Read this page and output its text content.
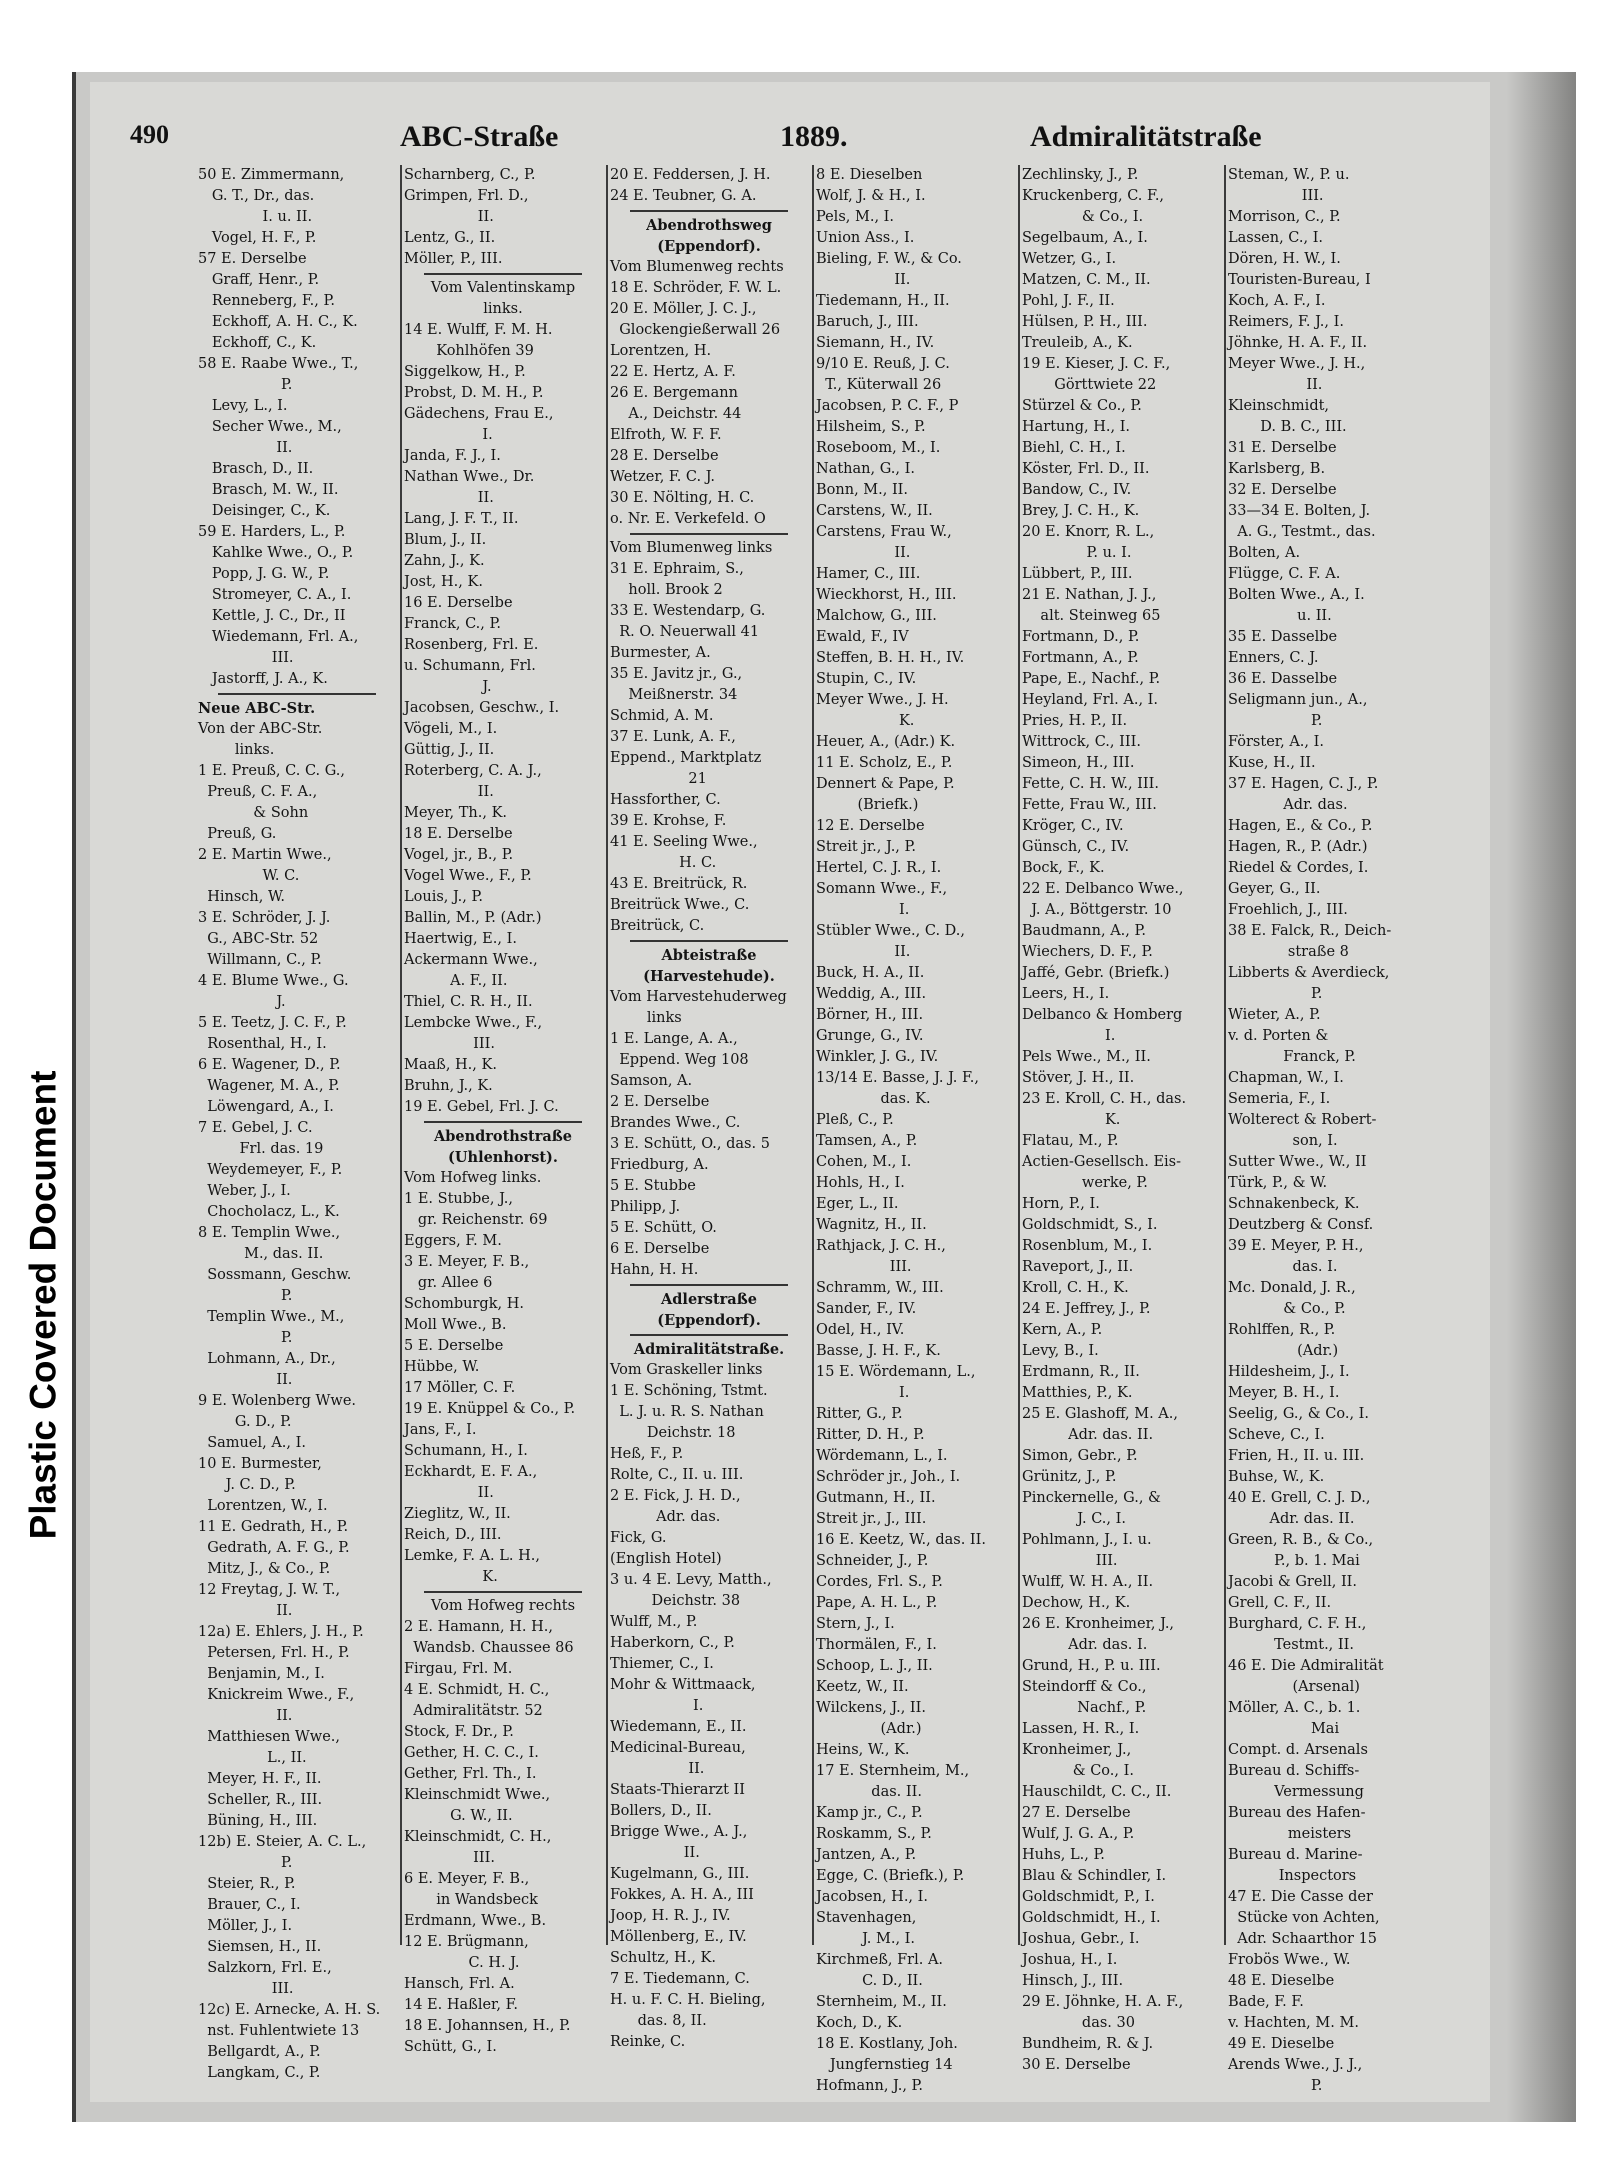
Plastic Covered Document
490	ABC-Straße	1889.	Admiralitätstraße
50 E. Zimmermann,
G. T., Dr., das.
I. u. II.
Vogel, H. F., P.
57 E. Derselbe
Graff, Henr., P.
Renneberg, F., P.
Eckhoff, A. H. C., K.
Eckhoff, C., K.
58 E. Raabe Wwe., T.,
P.
Levy, L., I.
Secher Wwe., M.,
II.
Brasch, D., II.
Brasch, M. W., II.
Deisinger, C., K.
59 E. Harders, L., P.
Kahlke Wwe., O., P.
Popp, J. G. W., P.
Stromeyer, C. A., I.
Kettle, J. C., Dr., II
Wiedemann, Frl. A.,
III.
Jastorff, J. A., K.
Neue ABC-Str.
Von der ABC-Str.
links.
1 E. Preuß, C. C. G.,
Preuß, C. F. A.,
& Sohn
Preuß, G.
2 E. Martin Wwe.,
W. C.
Hinsch, W.
3 E. Schröder, J. J.
G., ABC-Str. 52
Willmann, C., P.
4 E. Blume Wwe., G.
J.
5 E. Teetz, J. C. F., P.
Rosenthal, H., I.
6 E. Wagener, D., P.
Wagener, M. A., P.
Löwengard, A., I.
7 E. Gebel, J. C.
Frl. das. 19
Weydemeyer, F., P.
Weber, J., I.
Chocholacz, L., K.
8 E. Templin Wwe.,
M., das. II.
Sossmann, Geschw.
P.
Templin Wwe., M.,
P.
Lohmann, A., Dr.,
II.
9 E. Wolenberg Wwe.
G. D., P.
Samuel, A., I.
10 E. Burmester,
J. C. D., P.
Lorentzen, W., I.
11 E. Gedrath, H., P.
Gedrath, A. F. G., P.
Mitz, J., & Co., P.
12 Freytag, J. W. T.,
II.
12a) E. Ehlers, J. H., P.
Petersen, Frl. H., P.
Benjamin, M., I.
Knickreim Wwe., F.,
II.
Matthiesen Wwe.,
L., II.
Meyer, H. F., II.
Scheller, R., III.
Büning, H., III.
12b) E. Steier, A. C. L.,
P.
Steier, R., P.
Brauer, C., I.
Möller, J., I.
Siemsen, H., II.
Salzkorn, Frl. E.,
III.
12c) E. Arnecke, A. H. S.
nst. Fuhlentwiete 13
Bellgardt, A., P.
Langkam, C., P.
Scharnberg, C., P.
Grimpen, Frl. D.,
II.
Lentz, G., II.
Möller, P., III.
Vom Valentinskamp
links.
14 E. Wulff, F. M. H.
Kohlhöfen 39
Siggelkow, H., P.
Probst, D. M. H., P.
Gädechens, Frau E.,
I.
Janda, F. J., I.
Nathan Wwe., Dr.
II.
Lang, J. F. T., II.
Blum, J., II.
Zahn, J., K.
Jost, H., K.
16 E. Derselbe
Franck, C., P.
Rosenberg, Frl. E.
u. Schumann, Frl.
J.
Jacobsen, Geschw., I.
Vögeli, M., I.
Güttig, J., II.
Roterberg, C. A. J.,
II.
Meyer, Th., K.
18 E. Derselbe
Vogel, jr., B., P.
Vogel Wwe., F., P.
Louis, J., P.
Ballin, M., P. (Adr.)
Haertwig, E., I.
Ackermann Wwe.,
A. F., II.
Thiel, C. R. H., II.
Lembcke Wwe., F.,
III.
Maaß, H., K.
Bruhn, J., K.
19 E. Gebel, Frl. J. C.
Abendrothstraße
(Uhlenhorst).
Vom Hofweg links.
1 E. Stubbe, J.,
gr. Reichenstr. 69
Eggers, F. M.
3 E. Meyer, F. B.,
gr. Allee 6
Schomburgk, H.
Moll Wwe., B.
5 E. Derselbe
Hübbe, W.
17 Möller, C. F.
19 E. Knüppel & Co., P.
Jans, F., I.
Schumann, H., I.
Eckhardt, E. F. A.,
II.
Zieglitz, W., II.
Reich, D., III.
Lemke, F. A. L. H.,
K.
Vom Hofweg rechts
2 E. Hamann, H. H.,
Wandsb. Chaussee 86
Firgau, Frl. M.
4 E. Schmidt, H. C.,
Admiralitätstr. 52
Stock, F. Dr., P.
Gether, H. C. C., I.
Gether, Frl. Th., I.
Kleinschmidt Wwe.,
G. W., II.
Kleinschmidt, C. H.,
III.
6 E. Meyer, F. B.,
in Wandsbeck
Erdmann, Wwe., B.
12 E. Brügmann,
C. H. J.
Hansch, Frl. A.
14 E. Haßler, F.
18 E. Johannsen, H., P.
Schütt, G., I.
20 E. Feddersen, J. H.
24 E. Teubner, G. A.
Abendrothsweg
(Eppendorf).
Vom Blumenweg rechts
18 E. Schröder, F. W. L.
20 E. Möller, J. C. J.,
Glockengießerwall 26
Lorentzen, H.
22 E. Hertz, A. F.
26 E. Bergemann
A., Deichstr. 44
Elfroth, W. F. F.
28 E. Derselbe
Wetzer, F. C. J.
30 E. Nölting, H. C.
o. Nr. E. Verkefeld. O
Vom Blumenweg links
31 E. Ephraim, S.,
holl. Brook 2
33 E. Westendarp, G.
R. O. Neuerwall 41
Burmester, A.
35 E. Javitz jr., G.,
Meißnerstr. 34
Schmid, A. M.
37 E. Lunk, A. F.,
Eppend., Marktplatz
21
Hassforther, C.
39 E. Krohse, F.
41 E. Seeling Wwe.,
H. C.
43 E. Breitrück, R.
Breitrück Wwe., C.
Breitrück, C.
Abteistraße
(Harvestehude).
Vom Harvestehuderweg
links
1 E. Lange, A. A.,
Eppend. Weg 108
Samson, A.
2 E. Derselbe
Brandes Wwe., C.
3 E. Schütt, O., das. 5
Friedburg, A.
5 E. Stubbe
Philipp, J.
5 E. Schütt, O.
6 E. Derselbe
Hahn, H. H.
Adlerstraße
(Eppendorf).
Admiralitätstraße.
Vom Graskeller links
1 E. Schöning, Tstmt.
L. J. u. R. S. Nathan
Deichstr. 18
Heß, F., P.
Rolte, C., II. u. III.
2 E. Fick, J. H. D.,
Adr. das.
Fick, G.
(English Hotel)
3 u. 4 E. Levy, Matth.,
Deichstr. 38
Wulff, M., P.
Haberkorn, C., P.
Thiemer, C., I.
Mohr & Wittmaack,
I.
Wiedemann, E., II.
Medicinal-Bureau,
II.
Staats-Thierarzt II
Bollers, D., II.
Brigge Wwe., A. J.,
II.
Kugelmann, G., III.
Fokkes, A. H. A., III
Joop, H. R. J., IV.
Möllenberg, E., IV.
Schultz, H., K.
7 E. Tiedemann, C.
H. u. F. C. H. Bieling,
das. 8, II.
Reinke, C.
8 E. Dieselben
Wolf, J. & H., I.
Pels, M., I.
Union Ass., I.
Bieling, F. W., & Co.
II.
Tiedemann, H., II.
Baruch, J., III.
Siemann, H., IV.
9/10 E. Reuß, J. C.
T., Küterwall 26
Jacobsen, P. C. F., P
Hilsheim, S., P.
Roseboom, M., I.
Nathan, G., I.
Bonn, M., II.
Carstens, W., II.
Carstens, Frau W.,
II.
Hamer, C., III.
Wieckhorst, H., III.
Malchow, G., III.
Ewald, F., IV
Steffen, B. H. H., IV.
Stupin, C., IV.
Meyer Wwe., J. H.
K.
Heuer, A., (Adr.) K.
11 E. Scholz, E., P.
Dennert & Pape, P.
(Briefk.)
12 E. Derselbe
Streit jr., J., P.
Hertel, C. J. R., I.
Somann Wwe., F.,
I.
Stübler Wwe., C. D.,
II.
Buck, H. A., II.
Weddig, A., III.
Börner, H., III.
Grunge, G., IV.
Winkler, J. G., IV.
13/14 E. Basse, J. J. F.,
das. K.
Pleß, C., P.
Tamsen, A., P.
Cohen, M., I.
Hohls, H., I.
Eger, L., II.
Wagnitz, H., II.
Rathjack, J. C. H.,
III.
Schramm, W., III.
Sander, F., IV.
Odel, H., IV.
Basse, J. H. F., K.
15 E. Wördemann, L.,
I.
Ritter, G., P.
Ritter, D. H., P.
Wördemann, L., I.
Schröder jr., Joh., I.
Gutmann, H., II.
Streit jr., J., III.
16 E. Keetz, W., das. II.
Schneider, J., P.
Cordes, Frl. S., P.
Pape, A. H. L., P.
Stern, J., I.
Thormälen, F., I.
Schoop, L. J., II.
Keetz, W., II.
Wilckens, J., II.
(Adr.)
Heins, W., K.
17 E. Sternheim, M.,
das. II.
Kamp jr., C., P.
Roskamm, S., P.
Jantzen, A., P.
Egge, C. (Briefk.), P.
Jacobsen, H., I.
Stavenhagen,
J. M., I.
Kirchmeß, Frl. A.
C. D., II.
Sternheim, M., II.
Koch, D., K.
18 E. Kostlany, Joh.
Jungfernstieg 14
Hofmann, J., P.
Zechlinsky, J., P.
Kruckenberg, C. F.,
& Co., I.
Segelbaum, A., I.
Wetzer, G., I.
Matzen, C. M., II.
Pohl, J. F., II.
Hülsen, P. H., III.
Treuleib, A., K.
19 E. Kieser, J. C. F.,
Görttwiete 22
Stürzel & Co., P.
Hartung, H., I.
Biehl, C. H., I.
Köster, Frl. D., II.
Bandow, C., IV.
Brey, J. C. H., K.
20 E. Knorr, R. L.,
P. u. I.
Lübbert, P., III.
21 E. Nathan, J. J.,
alt. Steinweg 65
Fortmann, D., P.
Fortmann, A., P.
Pape, E., Nachf., P.
Heyland, Frl. A., I.
Pries, H. P., II.
Wittrock, C., III.
Simeon, H., III.
Fette, C. H. W., III.
Fette, Frau W., III.
Kröger, C., IV.
Günsch, C., IV.
Bock, F., K.
22 E. Delbanco Wwe.,
J. A., Böttgerstr. 10
Baudmann, A., P.
Wiechers, D. F., P.
Jaffé, Gebr. (Briefk.)
Leers, H., I.
Delbanco & Homberg
I.
Pels Wwe., M., II.
Stöver, J. H., II.
23 E. Kroll, C. H., das.
K.
Flatau, M., P.
Actien-Gesellsch. Eis-
werke, P.
Horn, P., I.
Goldschmidt, S., I.
Rosenblum, M., I.
Raveport, J., II.
Kroll, C. H., K.
24 E. Jeffrey, J., P.
Kern, A., P.
Levy, B., I.
Erdmann, R., II.
Matthies, P., K.
25 E. Glashoff, M. A.,
Adr. das. II.
Simon, Gebr., P.
Grünitz, J., P.
Pinckernelle, G., &
J. C., I.
Pohlmann, J., I. u.
III.
Wulff, W. H. A., II.
Dechow, H., K.
26 E. Kronheimer, J.,
Adr. das. I.
Grund, H., P. u. III.
Steindorff & Co.,
Nachf., P.
Lassen, H. R., I.
Kronheimer, J.,
& Co., I.
Hauschildt, C. C., II.
27 E. Derselbe
Wulf, J. G. A., P.
Huhs, L., P.
Blau & Schindler, I.
Goldschmidt, P., I.
Goldschmidt, H., I.
Joshua, Gebr., I.
Joshua, H., I.
Hinsch, J., III.
29 E. Jöhnke, H. A. F.,
das. 30
Bundheim, R. & J.
30 E. Derselbe
Steman, W., P. u.
III.
Morrison, C., P.
Lassen, C., I.
Dören, H. W., I.
Touristen-Bureau, I
Koch, A. F., I.
Reimers, F. J., I.
Jöhnke, H. A. F., II.
Meyer Wwe., J. H.,
II.
Kleinschmidt,
D. B. C., III.
31 E. Derselbe
Karlsberg, B.
32 E. Derselbe
33—34 E. Bolten, J.
A. G., Testmt., das.
Bolten, A.
Flügge, C. F. A.
Bolten Wwe., A., I.
u. II.
35 E. Dasselbe
Enners, C. J.
36 E. Dasselbe
Seligmann jun., A.,
P.
Förster, A., I.
Kuse, H., II.
37 E. Hagen, C. J., P.
Adr. das.
Hagen, E., & Co., P.
Hagen, R., P. (Adr.)
Riedel & Cordes, I.
Geyer, G., II.
Froehlich, J., III.
38 E. Falck, R., Deich-
straße 8
Libberts & Averdieck,
P.
Wieter, A., P.
v. d. Porten &
Franck, P.
Chapman, W., I.
Semeria, F., I.
Wolterect & Robert-
son, I.
Sutter Wwe., W., II
Türk, P., & W.
Schnakenbeck, K.
Deutzberg & Consf.
39 E. Meyer, P. H.,
das. I.
Mc. Donald, J. R.,
& Co., P.
Rohlffen, R., P.
(Adr.)
Hildesheim, J., I.
Meyer, B. H., I.
Seelig, G., & Co., I.
Scheve, C., I.
Frien, H., II. u. III.
Buhse, W., K.
40 E. Grell, C. J. D.,
Adr. das. II.
Green, R. B., & Co.,
P., b. 1. Mai
Jacobi & Grell, II.
Grell, C. F., II.
Burghard, C. F. H.,
Testmt., II.
46 E. Die Admiralität
(Arsenal)
Möller, A. C., b. 1.
Mai
Compt. d. Arsenals
Bureau d. Schiffs-
Vermessung
Bureau des Hafen-
meisters
Bureau d. Marine-
Inspectors
47 E. Die Casse der
Stücke von Achten,
Adr. Schaarthor 15
Frobös Wwe., W.
48 E. Dieselbe
Bade, F. F.
v. Hachten, M. M.
49 E. Dieselbe
Arends Wwe., J. J.,
P.
